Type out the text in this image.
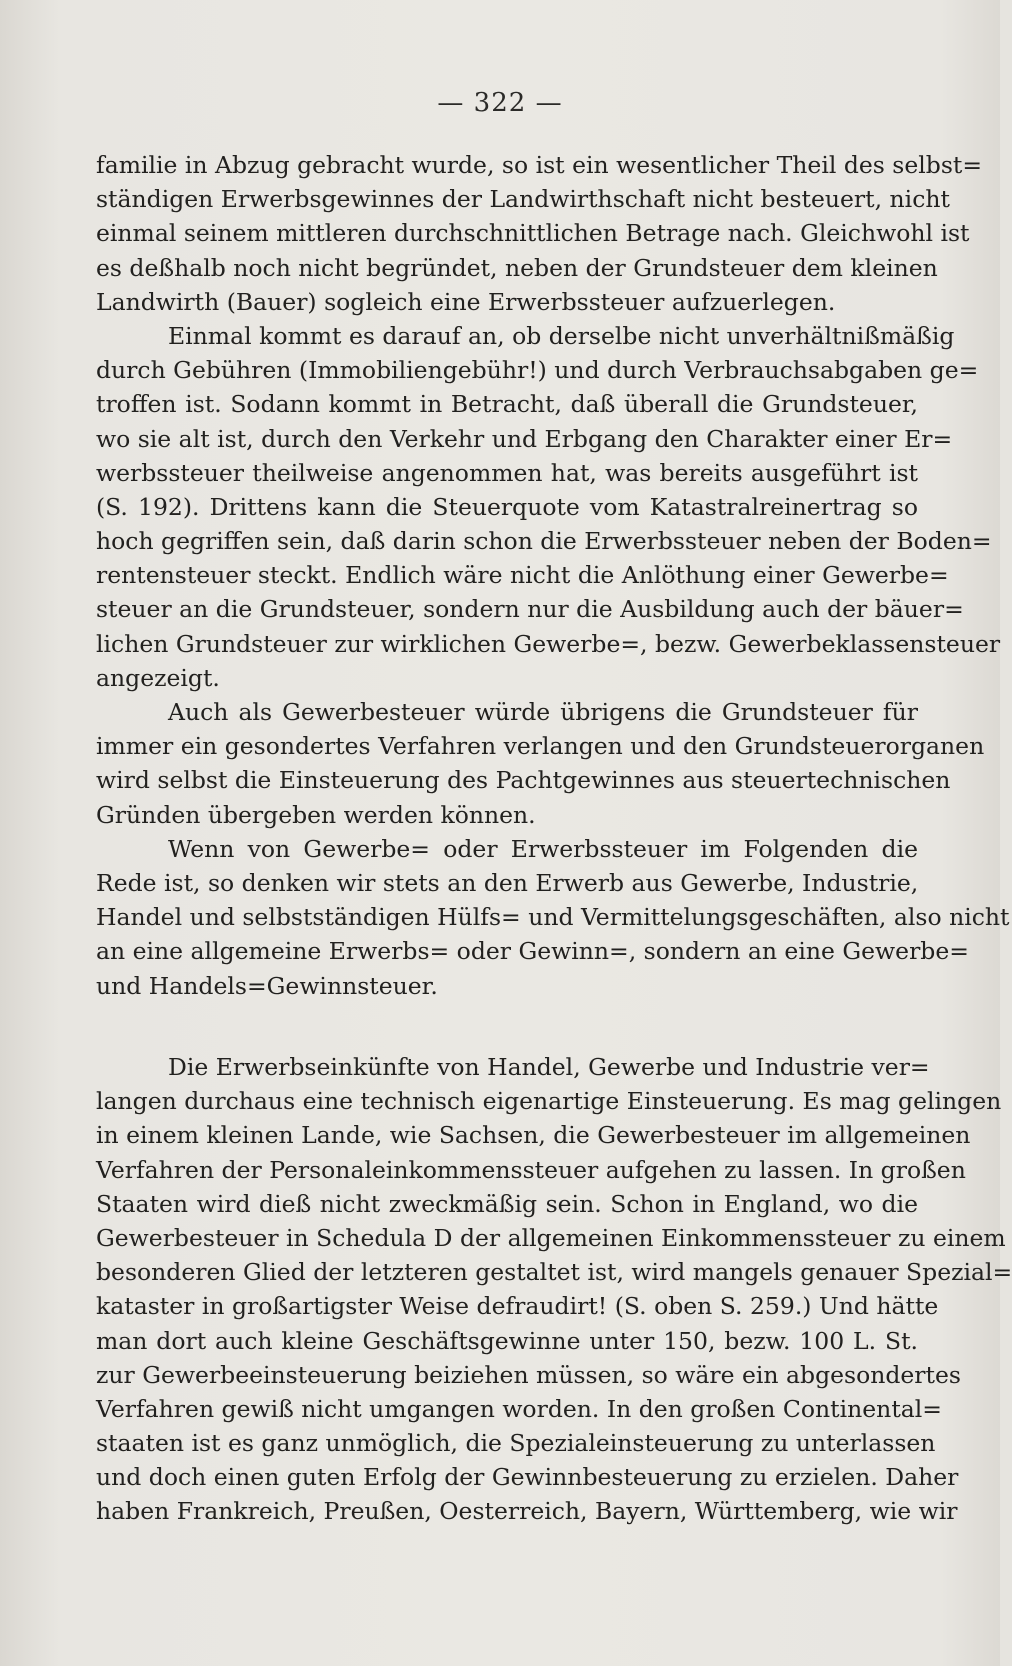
— 322 —
familie in Abzug gebracht wurde, so ist ein wesentlicher Theil des selbst=
ständigen Erwerbsgewinnes der Landwirthschaft nicht besteuert, nicht
einmal seinem mittleren durchschnittlichen Betrage nach. Gleichwohl ist
es deßhalb noch nicht begründet, neben der Grundsteuer dem kleinen
Landwirth (Bauer) sogleich eine Erwerbssteuer aufzuerlegen.
Einmal kommt es darauf an, ob derselbe nicht unverhältnißmäßig
durch Gebühren (Immobiliengebühr!) und durch Verbrauchsabgaben ge=
troffen ist. Sodann kommt in Betracht, daß überall die Grundsteuer,
wo sie alt ist, durch den Verkehr und Erbgang den Charakter einer Er=
werbssteuer theilweise angenommen hat, was bereits ausgeführt ist
(S. 192). Drittens kann die Steuerquote vom Katastralreinertrag so
hoch gegriffen sein, daß darin schon die Erwerbssteuer neben der Boden=
rentensteuer steckt. Endlich wäre nicht die Anlöthung einer Gewerbe=
steuer an die Grundsteuer, sondern nur die Ausbildung auch der bäuer=
lichen Grundsteuer zur wirklichen Gewerbe=, bezw. Gewerbeklassensteuer
angezeigt.
Auch als Gewerbesteuer würde übrigens die Grundsteuer für
immer ein gesondertes Verfahren verlangen und den Grundsteuerorganen
wird selbst die Einsteuerung des Pachtgewinnes aus steuertechnischen
Gründen übergeben werden können.
Wenn von Gewerbe= oder Erwerbssteuer im Folgenden die
Rede ist, so denken wir stets an den Erwerb aus Gewerbe, Industrie,
Handel und selbstständigen Hülfs= und Vermittelungsgeschäften, also nicht
an eine allgemeine Erwerbs= oder Gewinn=, sondern an eine Gewerbe=
und Handels=Gewinnsteuer.
Die Erwerbseinkünfte von Handel, Gewerbe und Industrie ver=
langen durchaus eine technisch eigenartige Einsteuerung. Es mag gelingen
in einem kleinen Lande, wie Sachsen, die Gewerbesteuer im allgemeinen
Verfahren der Personaleinkommenssteuer aufgehen zu lassen. In großen
Staaten wird dieß nicht zweckmäßig sein. Schon in England, wo die
Gewerbesteuer in Schedula D der allgemeinen Einkommenssteuer zu einem
besonderen Glied der letzteren gestaltet ist, wird mangels genauer Spezial=
kataster in großartigster Weise defraudirt! (S. oben S. 259.) Und hätte
man dort auch kleine Geschäftsgewinne unter 150, bezw. 100 L. St.
zur Gewerbeeinsteuerung beiziehen müssen, so wäre ein abgesondertes
Verfahren gewiß nicht umgangen worden. In den großen Continental=
staaten ist es ganz unmöglich, die Spezialeinsteuerung zu unterlassen
und doch einen guten Erfolg der Gewinnbesteuerung zu erzielen. Daher
haben Frankreich, Preußen, Oesterreich, Bayern, Württemberg, wie wir
